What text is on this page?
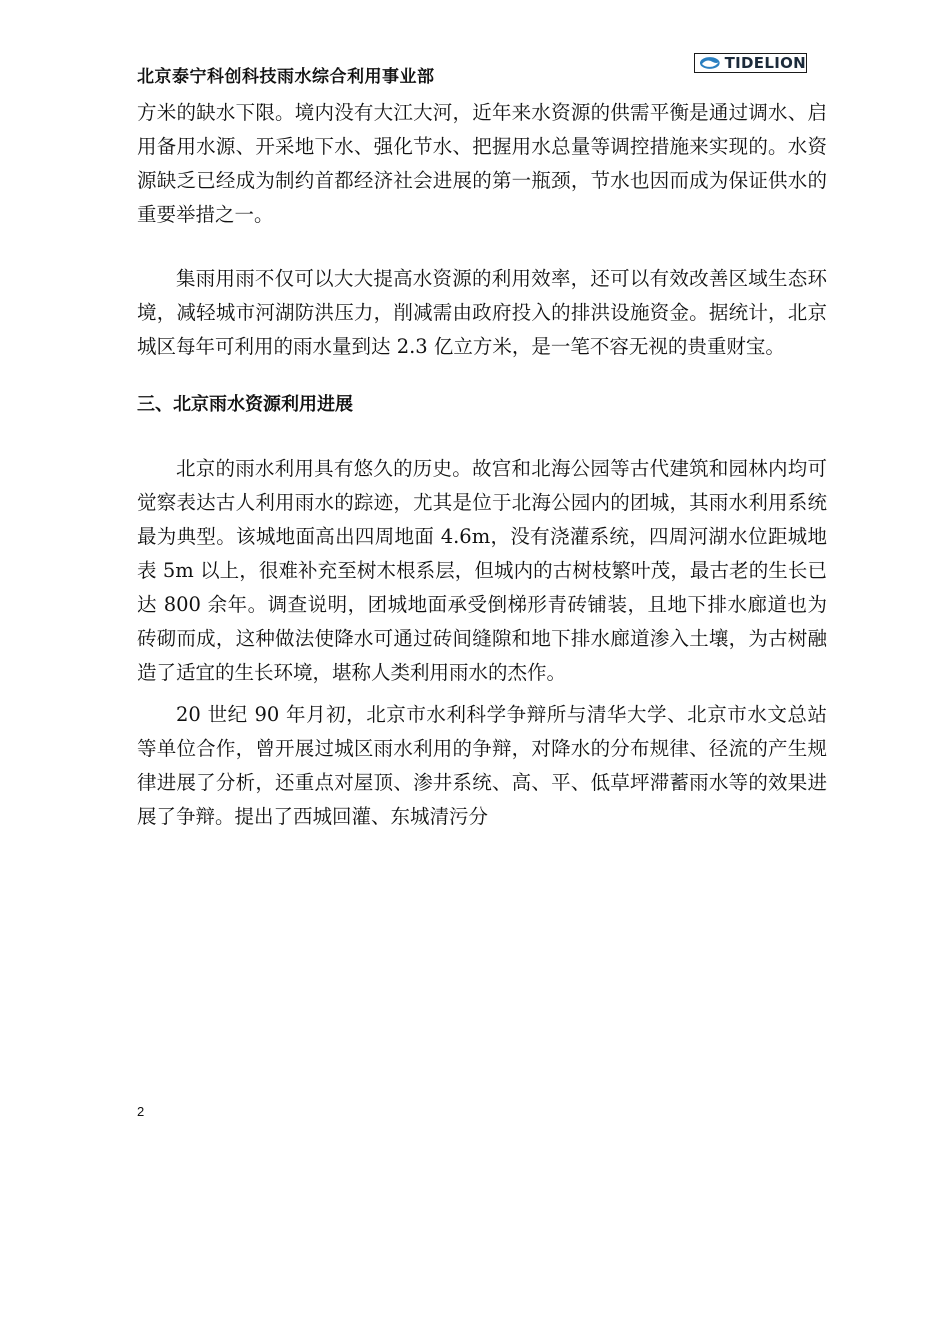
北京泰宁科创科技雨水综合利用事业部
TIDELION

方米的缺水下限。境内没有大江大河，近年来水资源的供需平衡是通过调水、启用备用水源、开采地下水、强化节水、把握用水总量等调控措施来实现的。水资源缺乏已经成为制约首都经济社会进展的第一瓶颈，节水也因而成为保证供水的重要举措之一。

集雨用雨不仅可以大大提高水资源的利用效率，还可以有效改善区域生态环境，减轻城市河湖防洪压力，削减需由政府投入的排洪设施资金。据统计，北京城区每年可利用的雨水量到达 2.3 亿立方米，是一笔不容无视的贵重财宝。

三、北京雨水资源利用进展

北京的雨水利用具有悠久的历史。故宫和北海公园等古代建筑和园林内均可觉察表达古人利用雨水的踪迹，尤其是位于北海公园内的团城，其雨水利用系统最为典型。该城地面高出四周地面 4.6m，没有浇灌系统，四周河湖水位距城地表 5m 以上，很难补充至树木根系层，但城内的古树枝繁叶茂，最古老的生长已达 800 余年。调查说明，团城地面承受倒梯形青砖铺装，且地下排水廊道也为砖砌而成，这种做法使降水可通过砖间缝隙和地下排水廊道渗入土壤，为古树融造了适宜的生长环境，堪称人类利用雨水的杰作。

20 世纪 90 年月初，北京市水利科学争辩所与清华大学、北京市水文总站等单位合作，曾开展过城区雨水利用的争辩，对降水的分布规律、径流的产生规律进展了分析，还重点对屋顶、渗井系统、高、平、低草坪滞蓄雨水等的效果进展了争辩。提出了西城回灌、东城清污分

2
